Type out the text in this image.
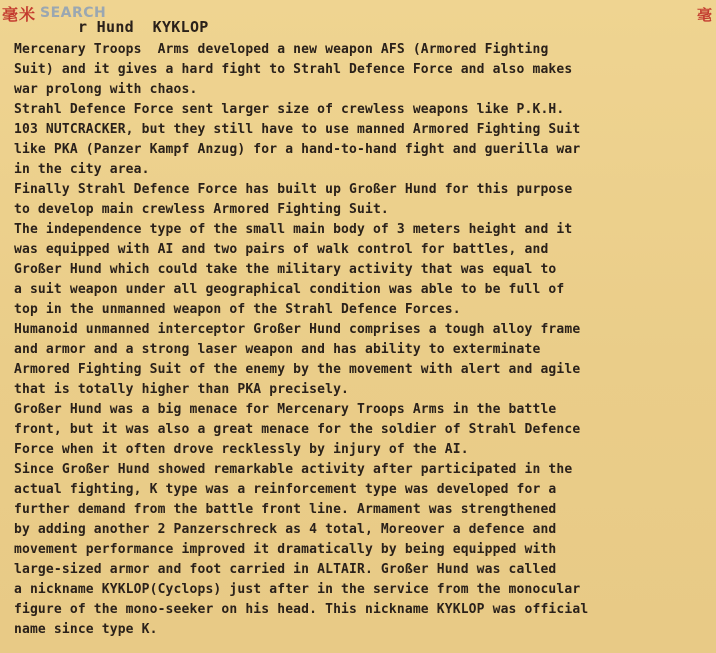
毫米 SEARCH	毫
r Hund  KYKLOP
Mercenary Troops  Arms developed a new weapon AFS (Armored Fighting
Suit) and it gives a hard fight to Strahl Defence Force and also makes
war prolong with chaos.
Strahl Defence Force sent larger size of crewless weapons like P.K.H.
103 NUTCRACKER, but they still have to use manned Armored Fighting Suit
like PKA (Panzer Kampf Anzug) for a hand-to-hand fight and guerilla war
in the city area.
Finally Strahl Defence Force has built up Großer Hund for this purpose
to develop main crewless Armored Fighting Suit.
The independence type of the small main body of 3 meters height and it
was equipped with AI and two pairs of walk control for battles, and
Großer Hund which could take the military activity that was equal to
a suit weapon under all geographical condition was able to be full of
top in the unmanned weapon of the Strahl Defence Forces.
Humanoid unmanned interceptor Großer Hund comprises a tough alloy frame
and armor and a strong laser weapon and has ability to exterminate
Armored Fighting Suit of the enemy by the movement with alert and agile
that is totally higher than PKA precisely.
Großer Hund was a big menace for Mercenary Troops Arms in the battle
front, but it was also a great menace for the soldier of Strahl Defence
Force when it often drove recklessly by injury of the AI.
Since Großer Hund showed remarkable activity after participated in the
actual fighting, K type was a reinforcement type was developed for a
further demand from the battle front line. Armament was strengthened
by adding another 2 Panzerschreck as 4 total, Moreover a defence and
movement performance improved it dramatically by being equipped with
large-sized armor and foot carried in ALTAIR. Großer Hund was called
a nickname KYKLOP(Cyclops) just after in the service from the monocular
figure of the mono-seeker on his head. This nickname KYKLOP was official
name since type K.
